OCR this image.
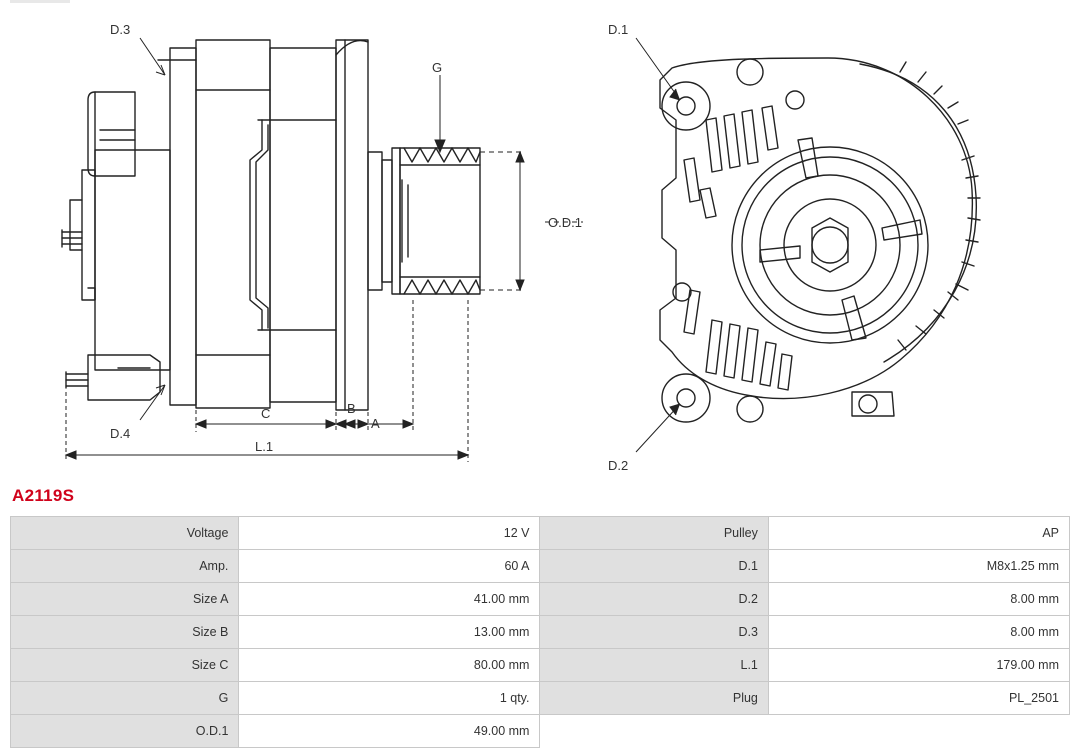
D.3
D.4
G
O.D.1
A
B
C
L.1
D.1
D.2
A2119S
Voltage	12 V	Pulley	AP
Amp.	60 A	D.1	M8x1.25 mm
Size A	41.00 mm	D.2	8.00 mm
Size B	13.00 mm	D.3	8.00 mm
Size C	80.00 mm	L.1	179.00 mm
G	1 qty.	Plug	PL_2501
O.D.1	49.00 mm		
